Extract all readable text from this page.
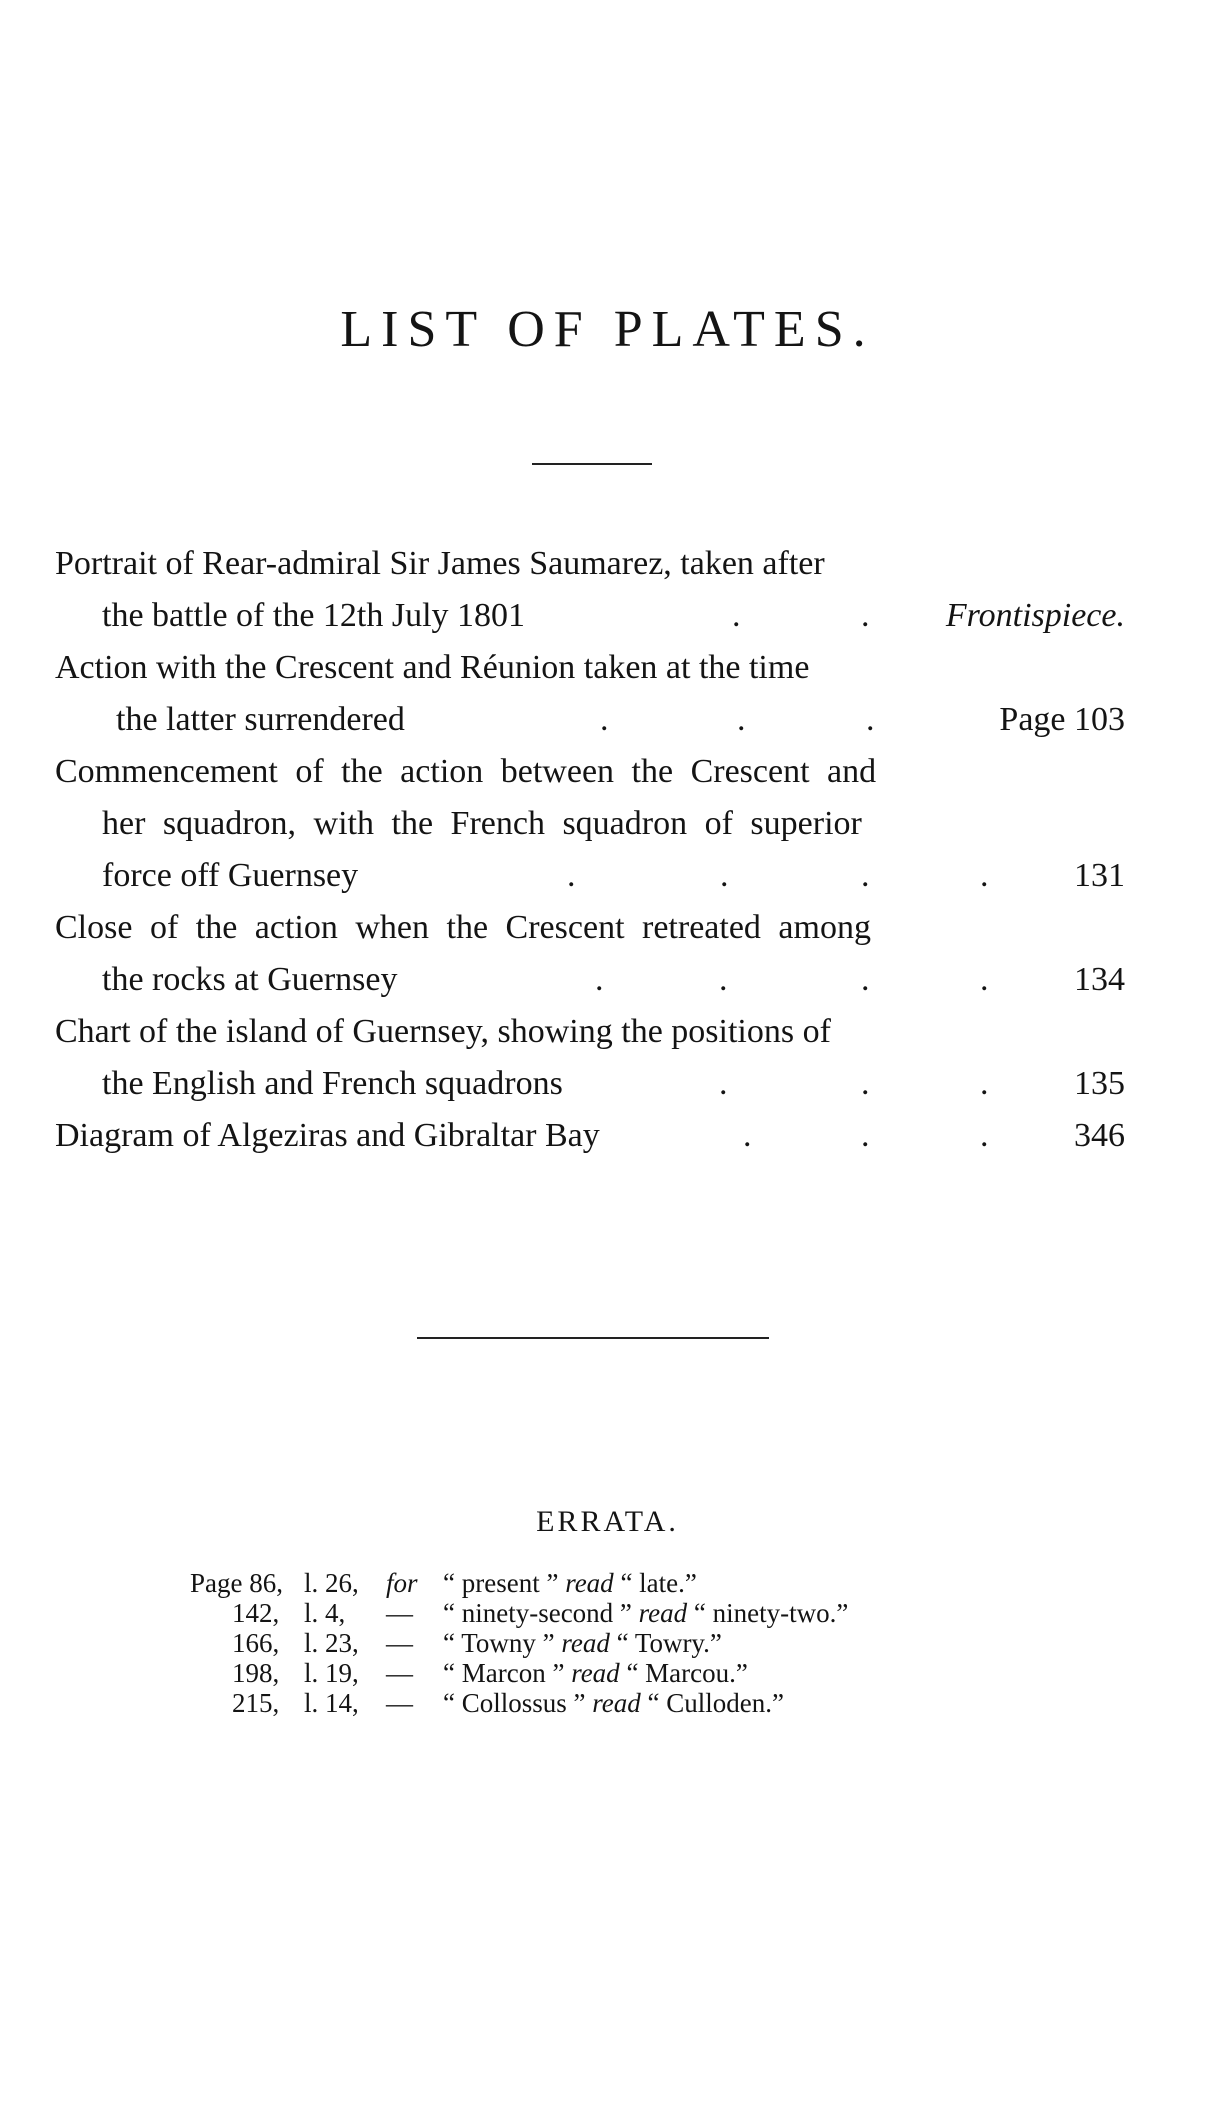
LIST OF PLATES.
Portrait of Rear-admiral Sir James Saumarez, taken after
the battle of the 12th July 1801	.	. Frontispiece.
Action with the Crescent and Réunion taken at the time
the latter surrendered	.	.	.	Page 103
Commencement of the action between the Crescent and
her squadron, with the French squadron of superior
force off Guernsey	.	.	.	.	131
Close of the action when the Crescent retreated among
the rocks at Guernsey	.	.	.	.	134
Chart of the island of Guernsey, showing the positions of
the English and French squadrons	.	.	.	135
Diagram of Algeziras and Gibraltar Bay	.	.	.	346
ERRATA.
Page 86, l. 26, for “ present ” read “ late.”
142, l. 4, — “ ninety-second ” read “ ninety-two.”
166, l. 23, — “ Towny ” read “ Towry.”
198, l. 19, — “ Marcon ” read “ Marcou.”
215, l. 14, — “ Collossus ” read “ Culloden.”
